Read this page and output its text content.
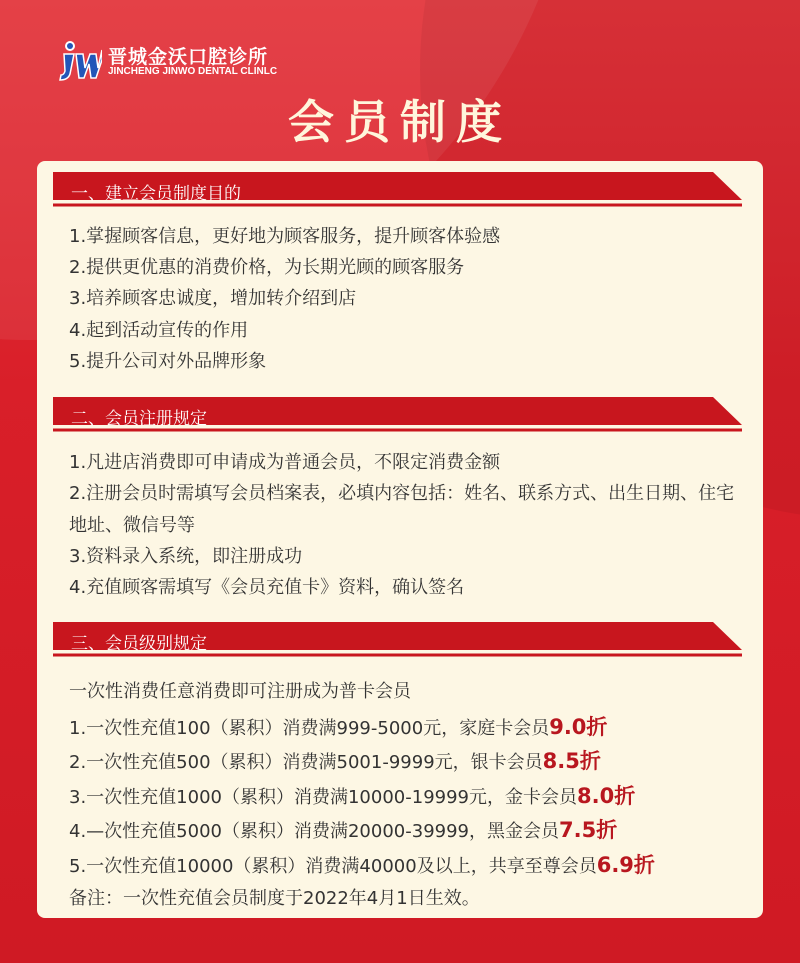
晋城金沃口腔诊所
JINCHENG JINWO DENTAL CLINLC
会员制度
一、建立会员制度目的

1.掌握顾客信息，更好地为顾客服务，提升顾客体验感

2.提供更优惠的消费价格，为长期光顾的顾客服务

3.培养顾客忠诚度，增加转介绍到店

4.起到活动宣传的作用

5.提升公司对外品牌形象

二、会员注册规定

1.凡进店消费即可申请成为普通会员，不限定消费金额

2.注册会员时需填写会员档案表，必填内容包括：姓名、联系方式、出生日期、住宅地址、微信号等

3.资料录入系统，即注册成功

4.充值顾客需填写《会员充值卡》资料，确认签名

三、会员级别规定

一次性消费任意消费即可注册成为普卡会员

1.一次性充值100（累积）消费满999-5000元，家庭卡会员9.0折

2.一次性充值500（累积）消费满5001-9999元，银卡会员8.5折

3.一次性充值1000（累积）消费满10000-19999元，金卡会员8.0折

4.—次性充值5000（累积）消费满20000-39999，黑金会员7.5折

5.一次性充值10000（累积）消费满40000及以上，共享至尊会员6.9折

备注：一次性充值会员制度于2022年4月1日生效。
